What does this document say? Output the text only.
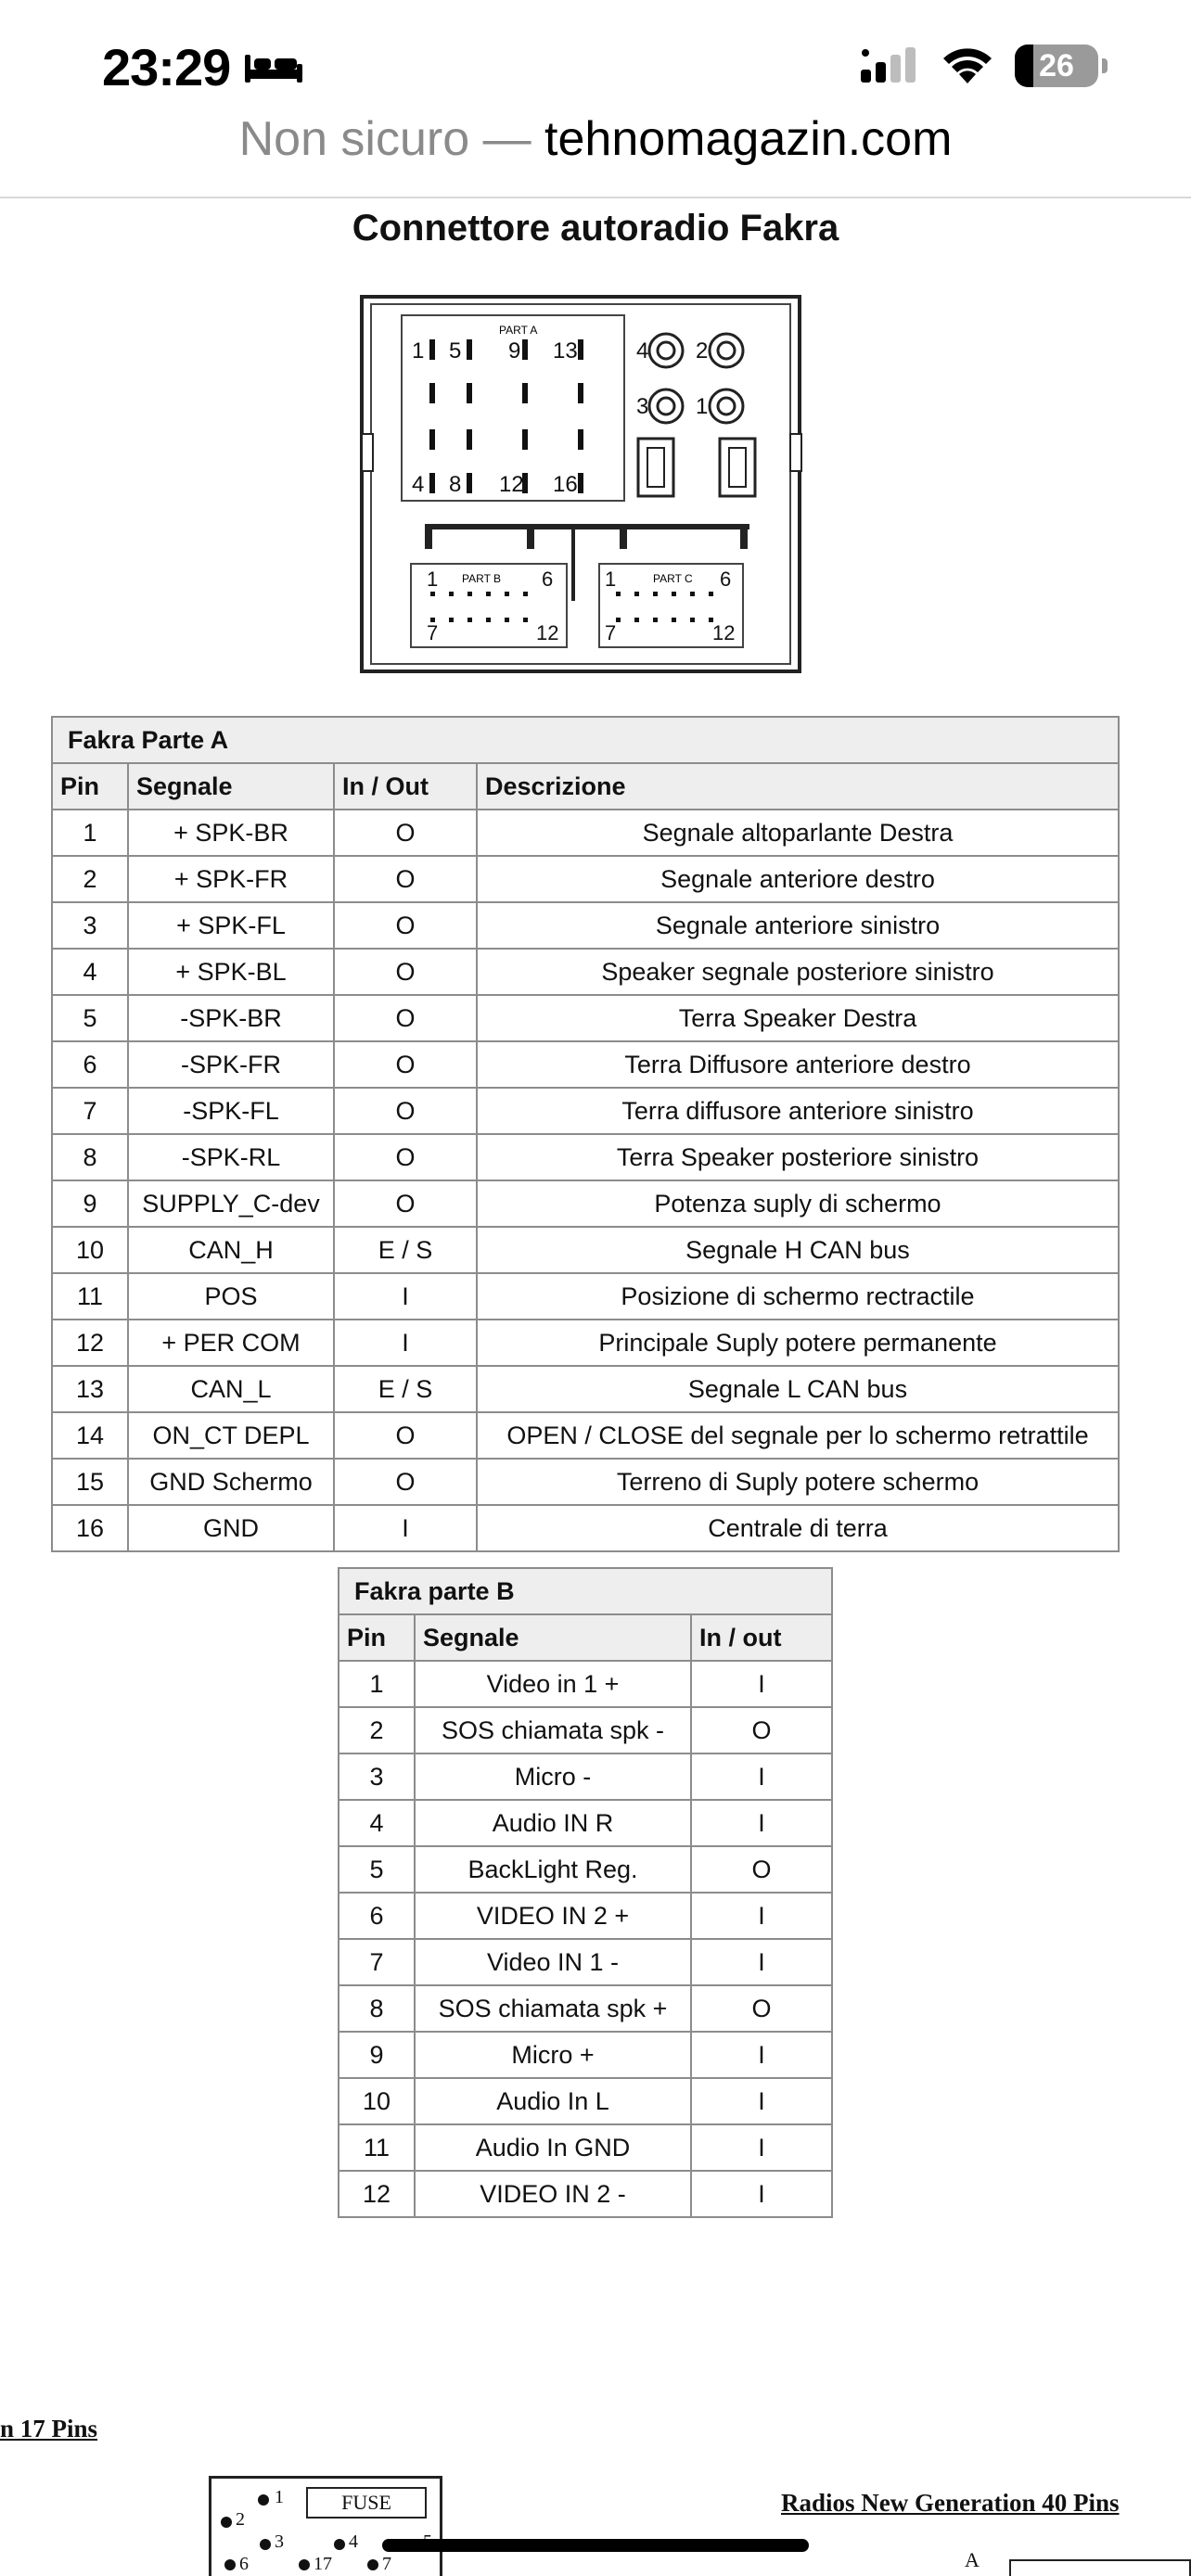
23:29	26
Non sicuro — tehnomagazin.com
Connettore autoradio Fakra
PART A
1 5 9 13
4 8 12 16
4 2
3 1
PART B
1	6
7	12
PART C
1	6
7	12
Fakra Parte A			
Pin	Segnale	In / Out	Descrizione
1	+ SPK-BR	O	Segnale altoparlante Destra
2	+ SPK-FR	O	Segnale anteriore destro
3	+ SPK-FL	O	Segnale anteriore sinistro
4	+ SPK-BL	O	Speaker segnale posteriore sinistro
5	-SPK-BR	O	Terra Speaker Destra
6	-SPK-FR	O	Terra Diffusore anteriore destro
7	-SPK-FL	O	Terra diffusore anteriore sinistro
8	-SPK-RL	O	Terra Speaker posteriore sinistro
9	SUPPLY_C-dev	O	Potenza suply di schermo
10	CAN_H	E / S	Segnale H CAN bus
11	POS	I	Posizione di schermo rectractile
12	+ PER COM	I	Principale Suply potere permanente
13	CAN_L	E / S	Segnale L CAN bus
14	ON_CT DEPL	O	OPEN / CLOSE del segnale per lo schermo retrattile
15	GND Schermo	O	Terreno di Suply potere schermo
16	GND	I	Centrale di terra
Fakra parte B		
Pin	Segnale	In / out
1	Video in 1 +	I
2	SOS chiamata spk -	O
3	Micro -	I
4	Audio IN R	I
5	BackLight Reg.	O
6	VIDEO IN 2 +	I
7	Video IN 1 -	I
8	SOS chiamata spk +	O
9	Micro +	I
10	Audio In L	I
11	Audio In GND	I
12	VIDEO IN 2 -	I
n 17 Pins
Radios New Generation 40 Pins
FUSE
1
2
3	4
6	17	7	A
